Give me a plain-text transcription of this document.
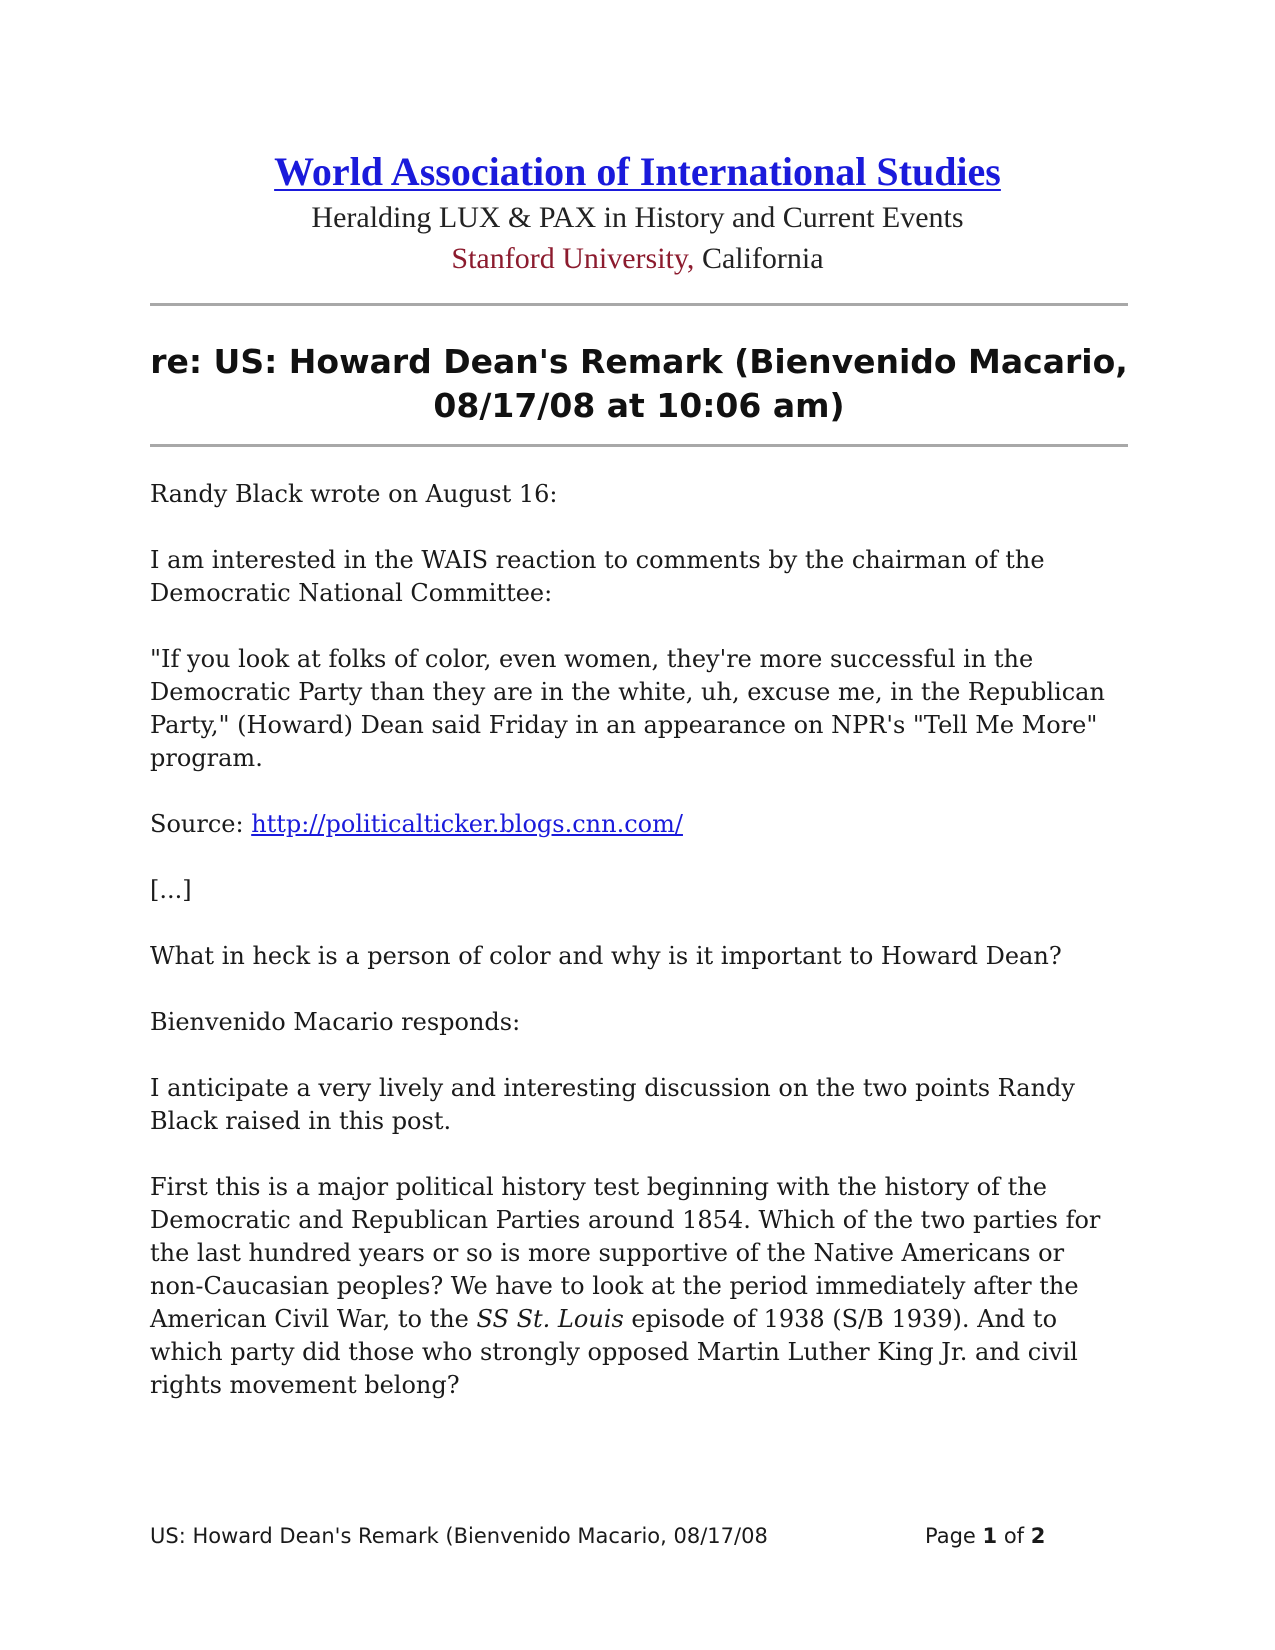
World Association of International Studies
Heralding LUX & PAX in History and Current Events
Stanford University, California
re: US: Howard Dean's Remark (Bienvenido Macario,
08/17/08 at 10:06 am)

Randy Black wrote on August 16:

I am interested in the WAIS reaction to comments by the chairman of the Democratic National Committee:

"If you look at folks of color, even women, they're more successful in the Democratic Party than they are in the white, uh, excuse me, in the Republican Party," (Howard) Dean said Friday in an appearance on NPR's "Tell Me More" program.

Source: http://politicalticker.blogs.cnn.com/

[...]

What in heck is a person of color and why is it important to Howard Dean?

Bienvenido Macario responds:

I anticipate a very lively and interesting discussion on the two points Randy Black raised in this post.

First this is a major political history test beginning with the history of the Democratic and Republican Parties around 1854. Which of the two parties for the last hundred years or so is more supportive of the Native Americans or non-Caucasian peoples? We have to look at the period immediately after the American Civil War, to the SS St. Louis episode of 1938 (S/B 1939). And to which party did those who strongly opposed Martin Luther King Jr. and civil rights movement belong?

US: Howard Dean's Remark (Bienvenido Macario, 08/17/08	Page 1 of 2
